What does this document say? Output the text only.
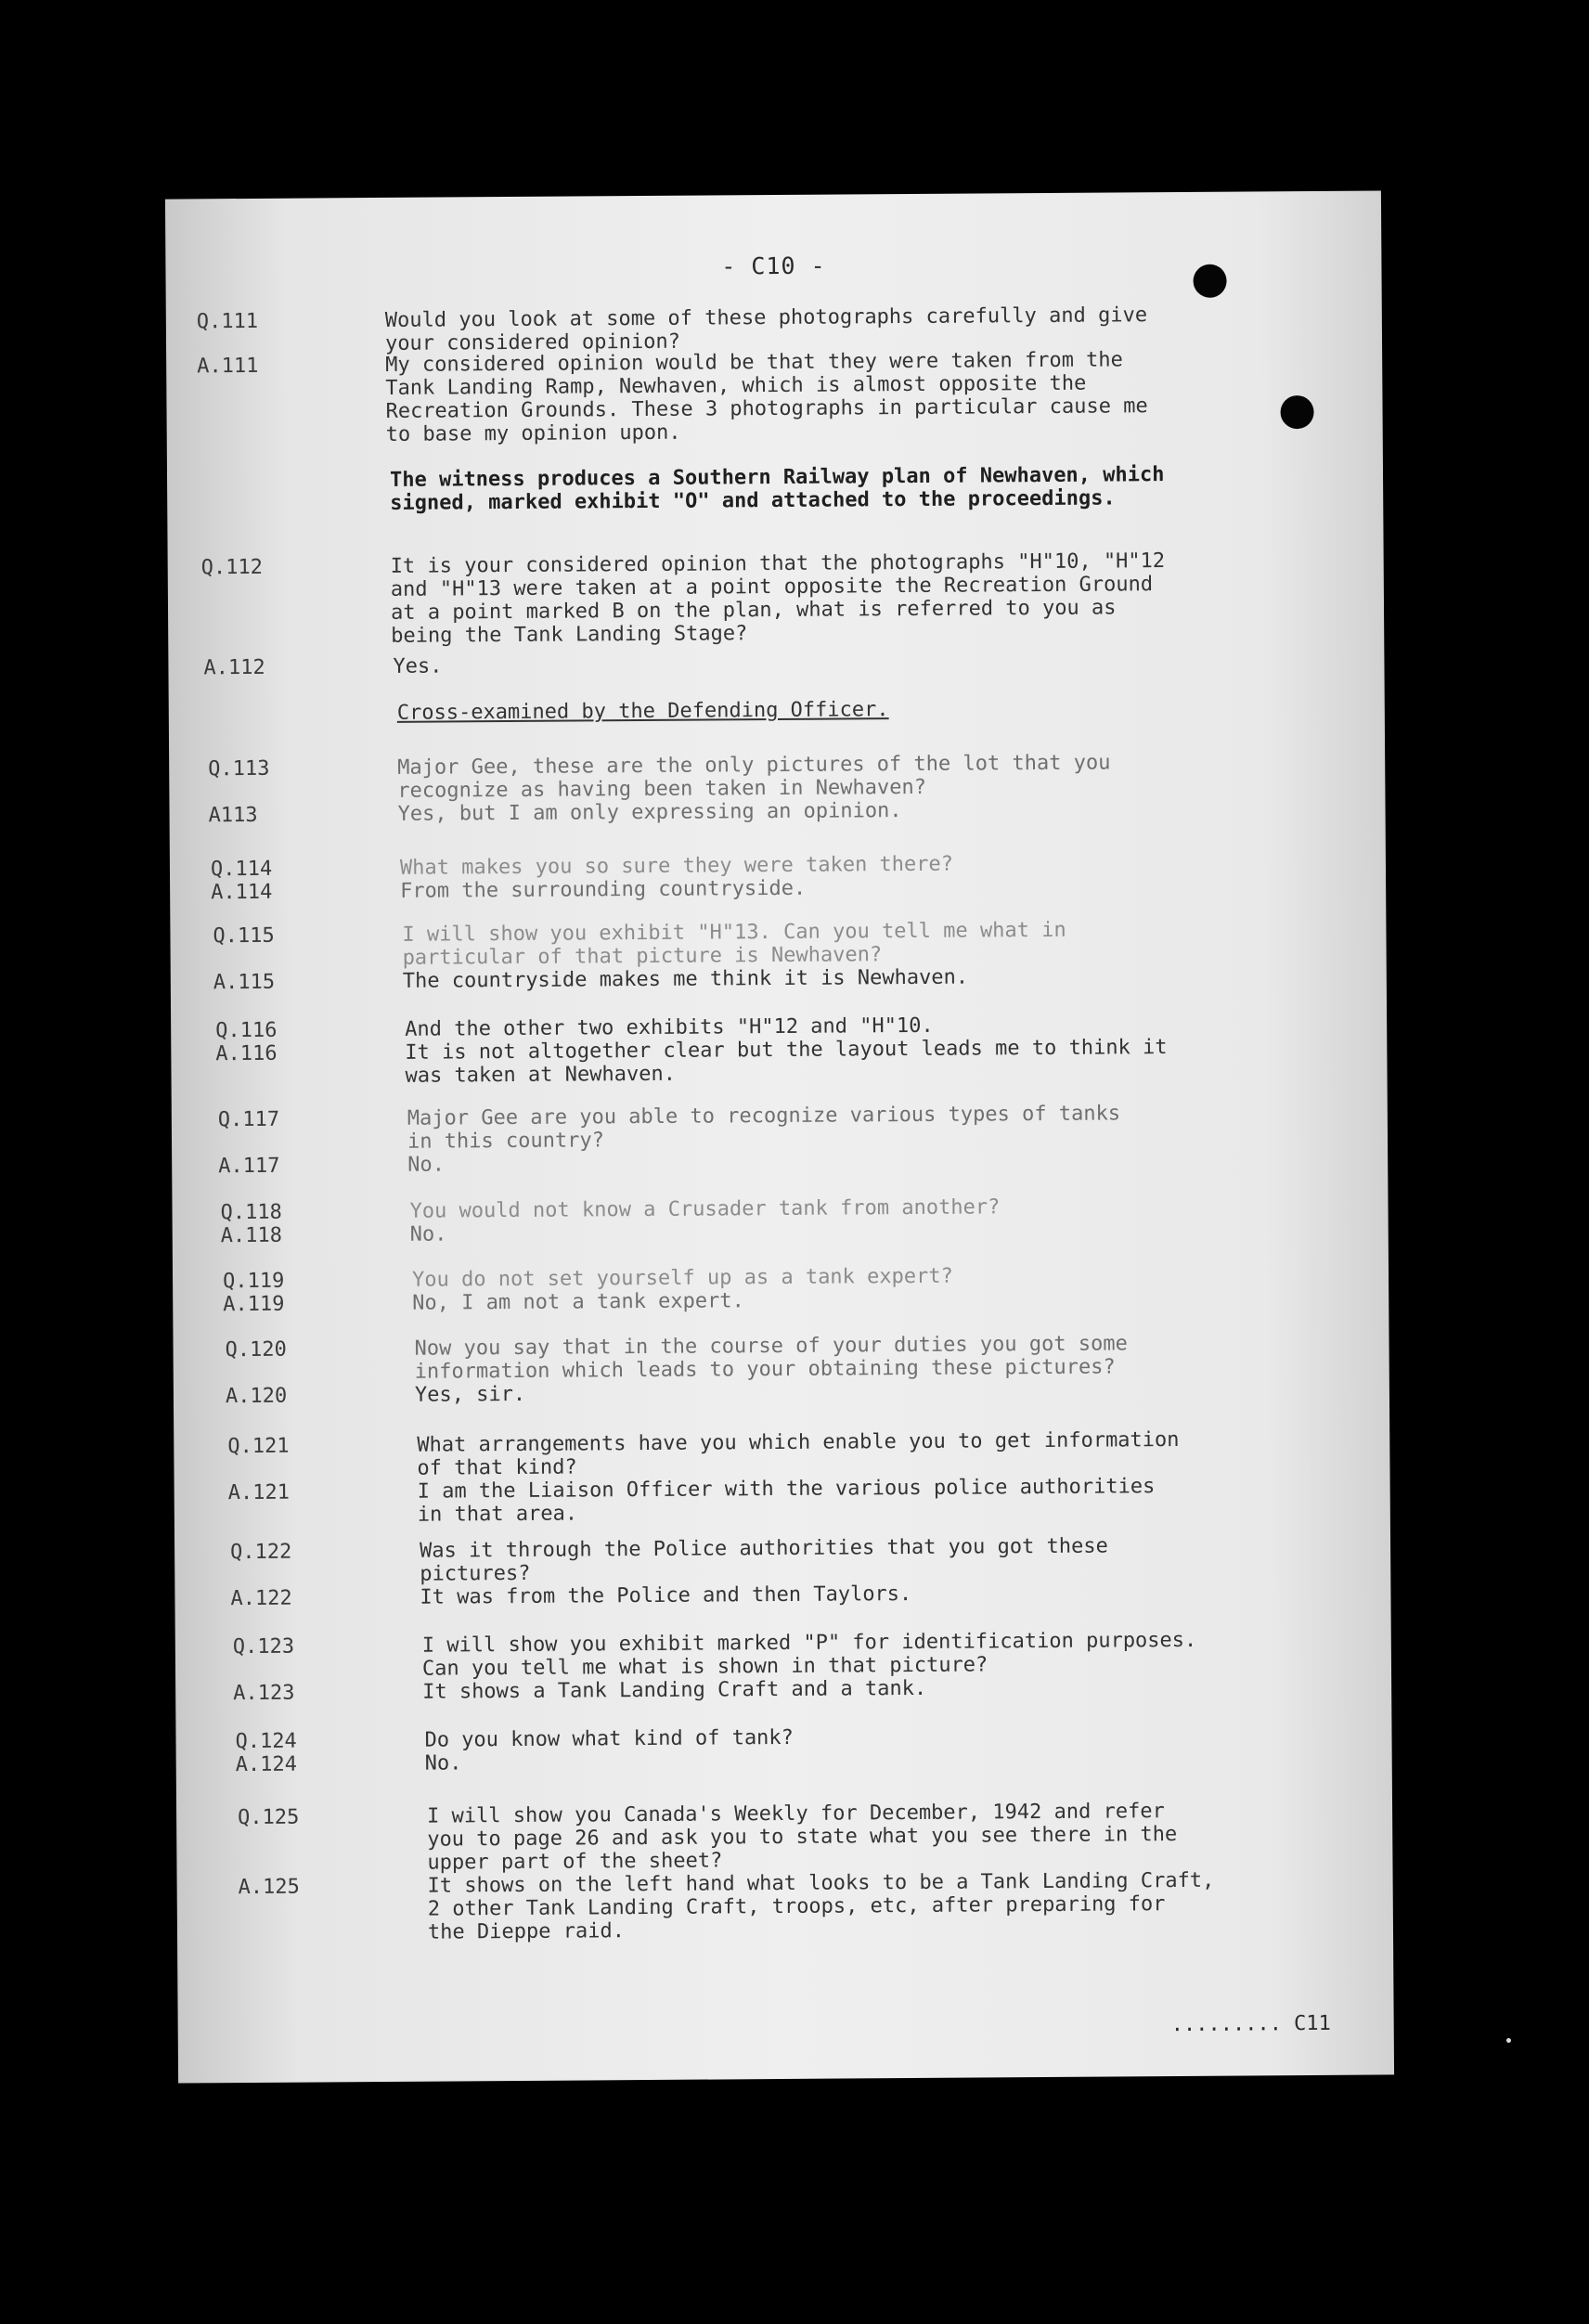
- C10 -
Q.111	Would you look at some of these photographs carefully and give
your considered opinion?
A.111	My considered opinion would be that they were taken from the
Tank Landing Ramp, Newhaven, which is almost opposite the
Recreation Grounds. These 3 photographs in particular cause me
to base my opinion upon.
The witness produces a Southern Railway plan of Newhaven, which
signed, marked exhibit "O" and attached to the proceedings.
Q.112	It is your considered opinion that the photographs "H"10, "H"12
and "H"13 were taken at a point opposite the Recreation Ground
at a point marked B on the plan, what is referred to you as
being the Tank Landing Stage?
A.112	Yes.
Cross-examined by the Defending Officer.
Q.113	Major Gee, these are the only pictures of the lot that you
recognize as having been taken in Newhaven?
A113	Yes, but I am only expressing an opinion.
Q.114	What makes you so sure they were taken there?
A.114	From the surrounding countryside.
Q.115	I will show you exhibit "H"13. Can you tell me what in
particular of that picture is Newhaven?
A.115	The countryside makes me think it is Newhaven.
Q.116	And the other two exhibits "H"12 and "H"10.
A.116	It is not altogether clear but the layout leads me to think it
was taken at Newhaven.
Q.117	Major Gee are you able to recognize various types of tanks
in this country?
A.117	No.
Q.118	You would not know a Crusader tank from another?
A.118	No.
Q.119	You do not set yourself up as a tank expert?
A.119	No, I am not a tank expert.
Q.120	Now you say that in the course of your duties you got some
information which leads to your obtaining these pictures?
A.120	Yes, sir.
Q.121	What arrangements have you which enable you to get information
of that kind?
A.121	I am the Liaison Officer with the various police authorities
in that area.
Q.122	Was it through the Police authorities that you got these
pictures?
A.122	It was from the Police and then Taylors.
Q.123	I will show you exhibit marked "P" for identification purposes.
Can you tell me what is shown in that picture?
A.123	It shows a Tank Landing Craft and a tank.
Q.124	Do you know what kind of tank?
A.124	No.
Q.125	I will show you Canada's Weekly for December, 1942 and refer
you to page 26 and ask you to state what you see there in the
upper part of the sheet?
A.125	It shows on the left hand what looks to be a Tank Landing Craft,
2 other Tank Landing Craft, troops, etc, after preparing for
the Dieppe raid.
......... C11
